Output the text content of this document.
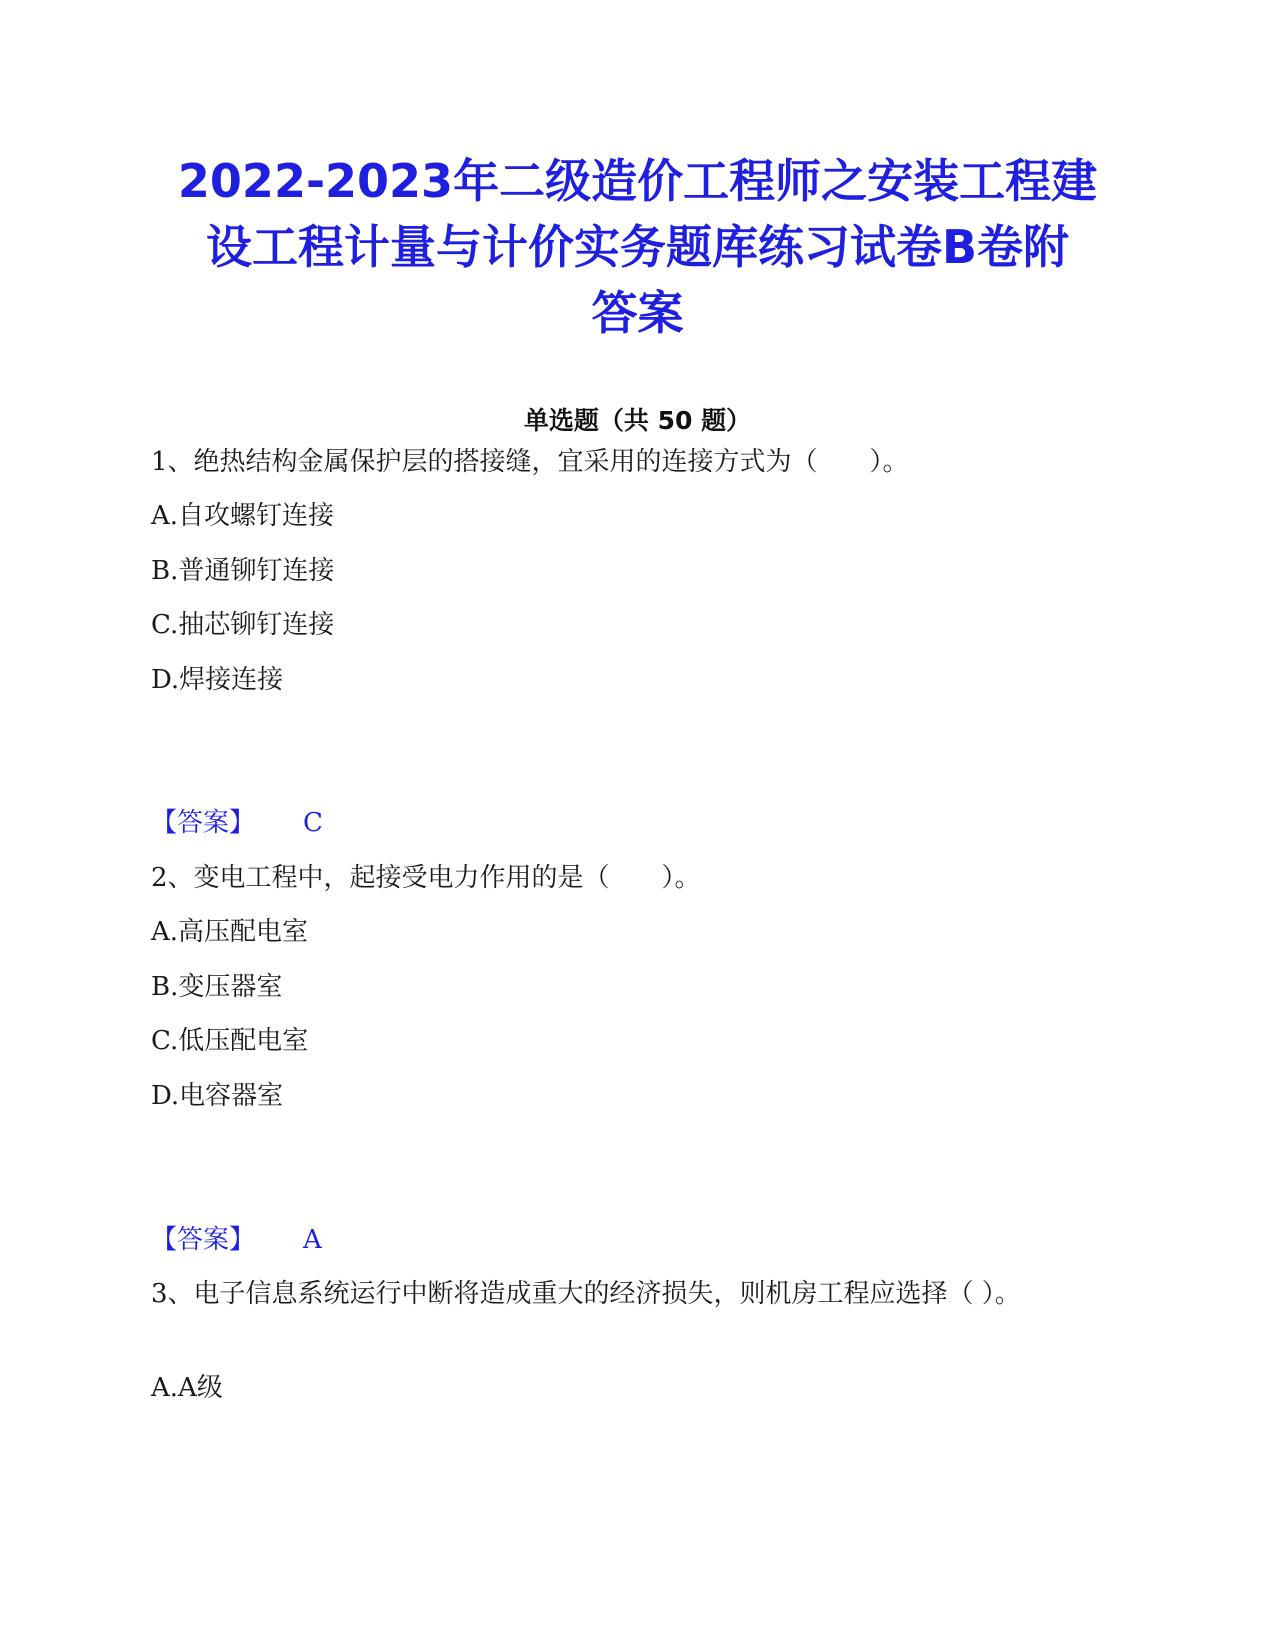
2022-2023年二级造价工程师之安装工程建
设工程计量与计价实务题库练习试卷B卷附
答案
单选题（共 50 题）
1、绝热结构金属保护层的搭接缝，宜采用的连接方式为（　　）。
A.自攻螺钉连接
B.普通铆钉连接
C.抽芯铆钉连接
D.焊接连接
【答案】 C
2、变电工程中，起接受电力作用的是（　　）。
A.高压配电室
B.变压器室
C.低压配电室
D.电容器室
【答案】 A
3、电子信息系统运行中断将造成重大的经济损失，则机房工程应选择（ ）。
A.A级
